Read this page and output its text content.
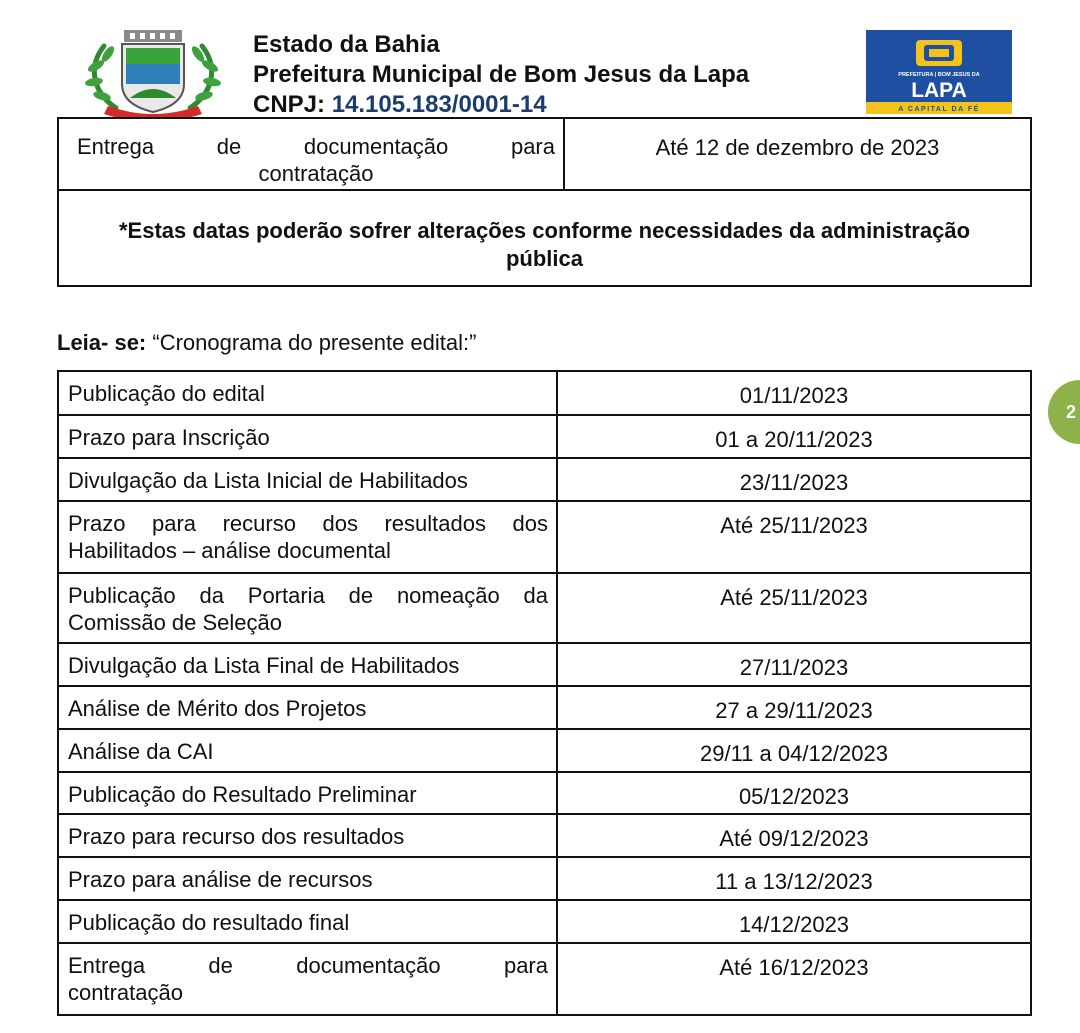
Estado da Bahia
Prefeitura Municipal de Bom Jesus da Lapa
CNPJ: 14.105.183/0001-14
PREFEITURA | BOM JESUS DA
LAPA
A CAPITAL DA FÉ
Entrega de documentação para
contratação
	Até 12 de dezembro de 2023

*Estas datas poderão sofrer alterações conforme necessidades da administração
pública
Leia- se: “Cronograma do presente edital:”
Publicação do edital	01/11/2023

Prazo para Inscrição	01 a 20/11/2023

Divulgação da Lista Inicial de Habilitados	23/11/2023

Prazo para recurso dos resultados dos
Habilitados – análise documental	Até 25/11/2023

Publicação da Portaria de nomeação da
Comissão de Seleção	Até 25/11/2023

Divulgação da Lista Final de Habilitados	27/11/2023

Análise de Mérito dos Projetos	27 a 29/11/2023

Análise da CAI	29/11 a 04/12/2023

Publicação do Resultado Preliminar	05/12/2023

Prazo para recurso dos resultados	Até 09/12/2023

Prazo para análise de recursos	11 a 13/12/2023

Publicação do resultado final	14/12/2023

Entrega de documentação para
contratação	Até 16/12/2023
2
